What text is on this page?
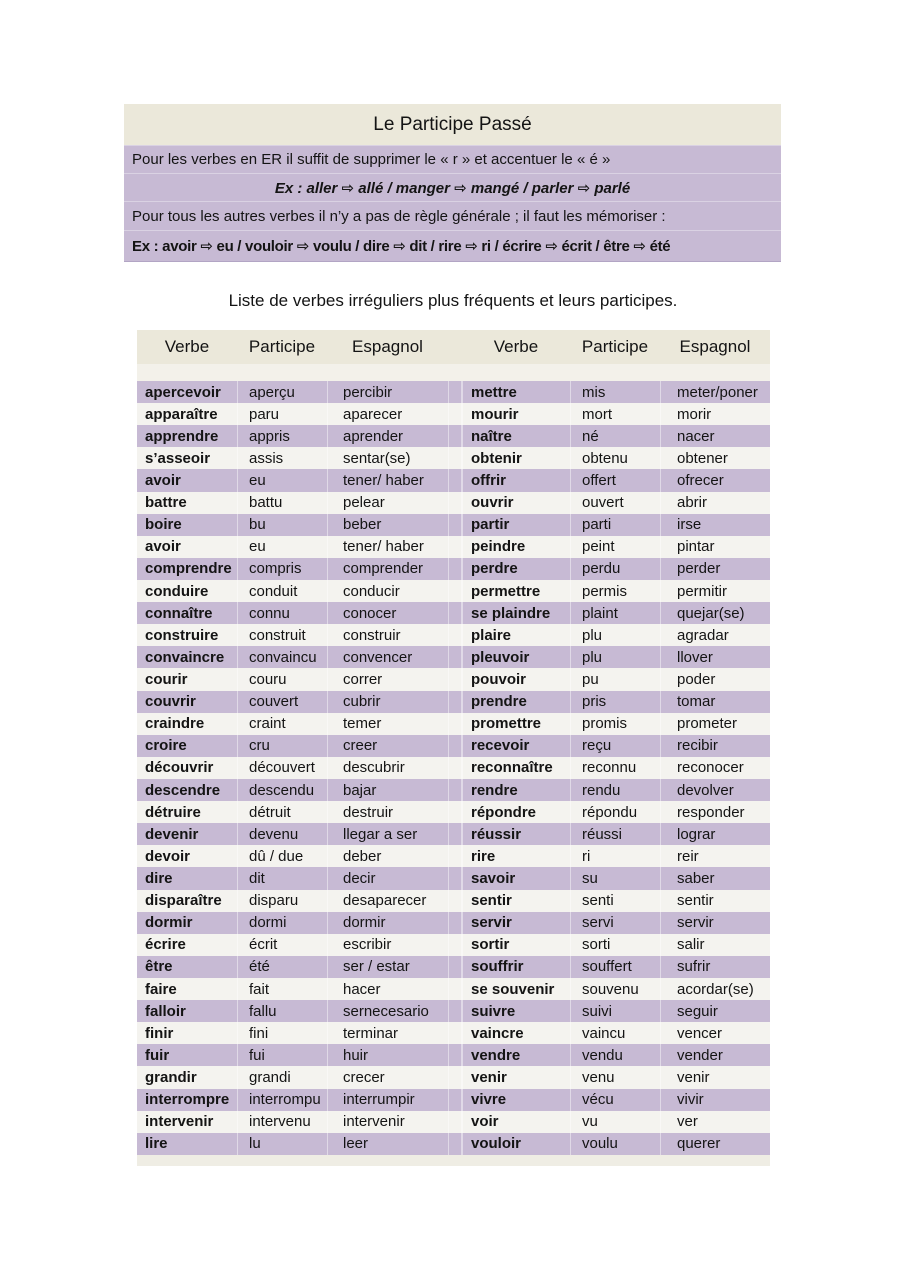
Le Participe Passé
Pour les verbes en ER il suffit de supprimer le « r » et accentuer le « é »
Ex : aller ⇨ allé / manger ⇨ mangé / parler ⇨ parlé
Pour tous les autres verbes il n’y a pas de règle générale ; il faut les mémoriser :
Ex : avoir ⇨ eu / vouloir ⇨ voulu / dire ⇨ dit / rire ⇨ ri / écrire ⇨ écrit / être ⇨ été
Liste de verbes irréguliers plus fréquents et leurs participes.
Verbe	Participe	Espagnol	Verbe	Participe	Espagnol
apercevoir	aperçu	percibir	mettre	mis	meter/poner
apparaître	paru	aparecer	mourir	mort	morir
apprendre	appris	aprender	naître	né	nacer
s’asseoir	assis	sentar(se)	obtenir	obtenu	obtener
avoir	eu	tener/ haber	offrir	offert	ofrecer
battre	battu	pelear	ouvrir	ouvert	abrir
boire	bu	beber	partir	parti	irse
avoir	eu	tener/ haber	peindre	peint	pintar
comprendre	compris	comprender	perdre	perdu	perder
conduire	conduit	conducir	permettre	permis	permitir
connaître	connu	conocer	se plaindre	plaint	quejar(se)
construire	construit	construir	plaire	plu	agradar
convaincre	convaincu	convencer	pleuvoir	plu	llover
courir	couru	correr	pouvoir	pu	poder
couvrir	couvert	cubrir	prendre	pris	tomar
craindre	craint	temer	promettre	promis	prometer
croire	cru	creer	recevoir	reçu	recibir
découvrir	découvert	descubrir	reconnaître	reconnu	reconocer
descendre	descendu	bajar	rendre	rendu	devolver
détruire	détruit	destruir	répondre	répondu	responder
devenir	devenu	llegar a ser	réussir	réussi	lograr
devoir	dû / due	deber	rire	ri	reir
dire	dit	decir	savoir	su	saber
disparaître	disparu	desaparecer	sentir	senti	sentir
dormir	dormi	dormir	servir	servi	servir
écrire	écrit	escribir	sortir	sorti	salir
être	été	ser / estar	souffrir	souffert	sufrir
faire	fait	hacer	se souvenir	souvenu	acordar(se)
falloir	fallu	sernecesario	suivre	suivi	seguir
finir	fini	terminar	vaincre	vaincu	vencer
fuir	fui	huir	vendre	vendu	vender
grandir	grandi	crecer	venir	venu	venir
interrompre	interrompu	interrumpir	vivre	vécu	vivir
intervenir	intervenu	intervenir	voir	vu	ver
lire	lu	leer	vouloir	voulu	querer
